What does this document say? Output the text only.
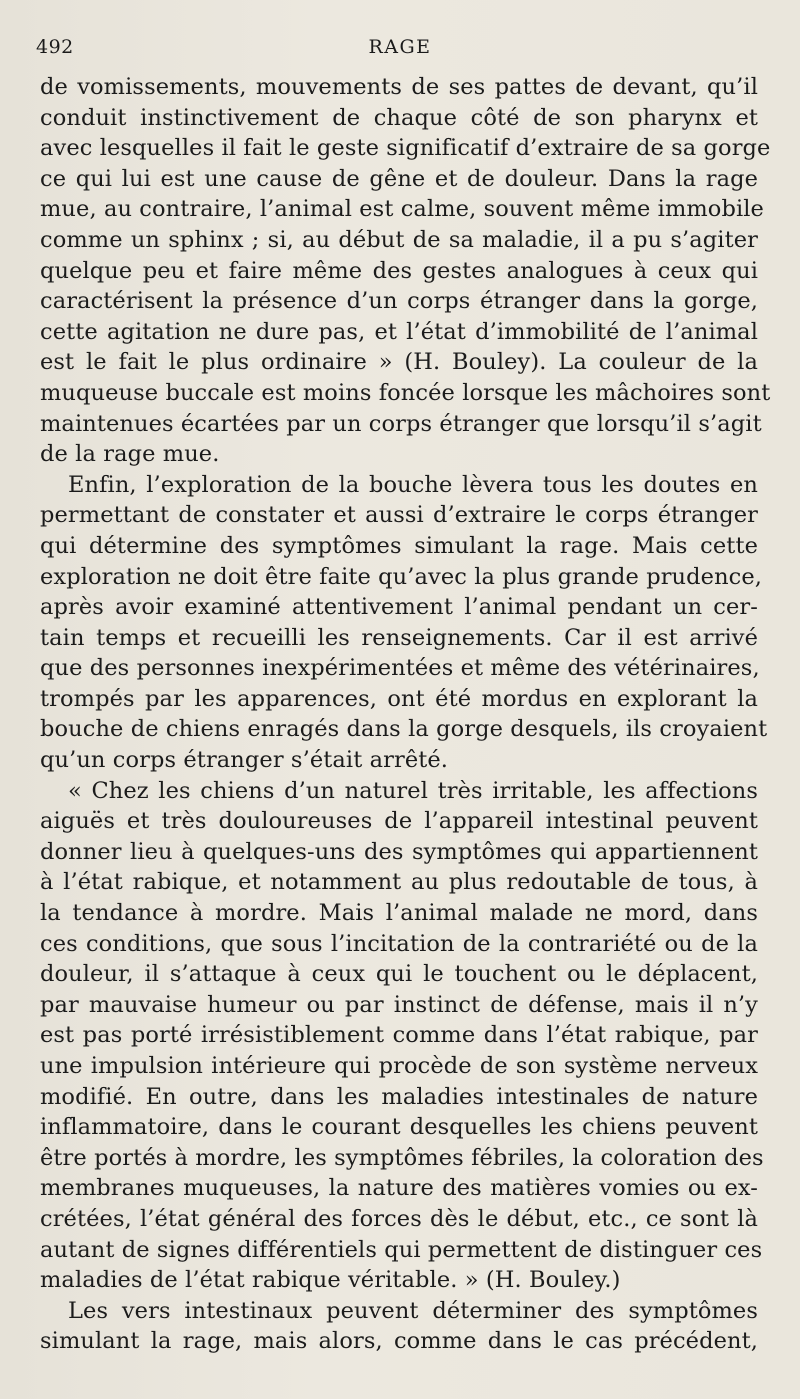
492	RAGE
de vomissements, mouvements de ses pattes de devant, qu’il
conduit instinctivement de chaque côté de son pharynx et
avec lesquelles il fait le geste significatif d’extraire de sa gorge
ce qui lui est une cause de gêne et de douleur. Dans la rage
mue, au contraire, l’animal est calme, souvent même immobile
comme un sphinx ; si, au début de sa maladie, il a pu s’agiter
quelque peu et faire même des gestes analogues à ceux qui
caractérisent la présence d’un corps étranger dans la gorge,
cette agitation ne dure pas, et l’état d’immobilité de l’animal
est le fait le plus ordinaire » (H. Bouley). La couleur de la
muqueuse buccale est moins foncée lorsque les mâchoires sont
maintenues écartées par un corps étranger que lorsqu’il s’agit
de la rage mue.
Enfin, l’exploration de la bouche lèvera tous les doutes en
permettant de constater et aussi d’extraire le corps étranger
qui détermine des symptômes simulant la rage. Mais cette
exploration ne doit être faite qu’avec la plus grande prudence,
après avoir examiné attentivement l’animal pendant un cer-
tain temps et recueilli les renseignements. Car il est arrivé
que des personnes inexpérimentées et même des vétérinaires,
trompés par les apparences, ont été mordus en explorant la
bouche de chiens enragés dans la gorge desquels, ils croyaient
qu’un corps étranger s’était arrêté.
« Chez les chiens d’un naturel très irritable, les affections
aiguës et très douloureuses de l’appareil intestinal peuvent
donner lieu à quelques-uns des symptômes qui appartiennent
à l’état rabique, et notamment au plus redoutable de tous, à
la tendance à mordre. Mais l’animal malade ne mord, dans
ces conditions, que sous l’incitation de la contrariété ou de la
douleur, il s’attaque à ceux qui le touchent ou le déplacent,
par mauvaise humeur ou par instinct de défense, mais il n’y
est pas porté irrésistiblement comme dans l’état rabique, par
une impulsion intérieure qui procède de son système nerveux
modifié. En outre, dans les maladies intestinales de nature
inflammatoire, dans le courant desquelles les chiens peuvent
être portés à mordre, les symptômes fébriles, la coloration des
membranes muqueuses, la nature des matières vomies ou ex-
crétées, l’état général des forces dès le début, etc., ce sont là
autant de signes différentiels qui permettent de distinguer ces
maladies de l’état rabique véritable. » (H. Bouley.)
Les vers intestinaux peuvent déterminer des symptômes
simulant la rage, mais alors, comme dans le cas précédent,
